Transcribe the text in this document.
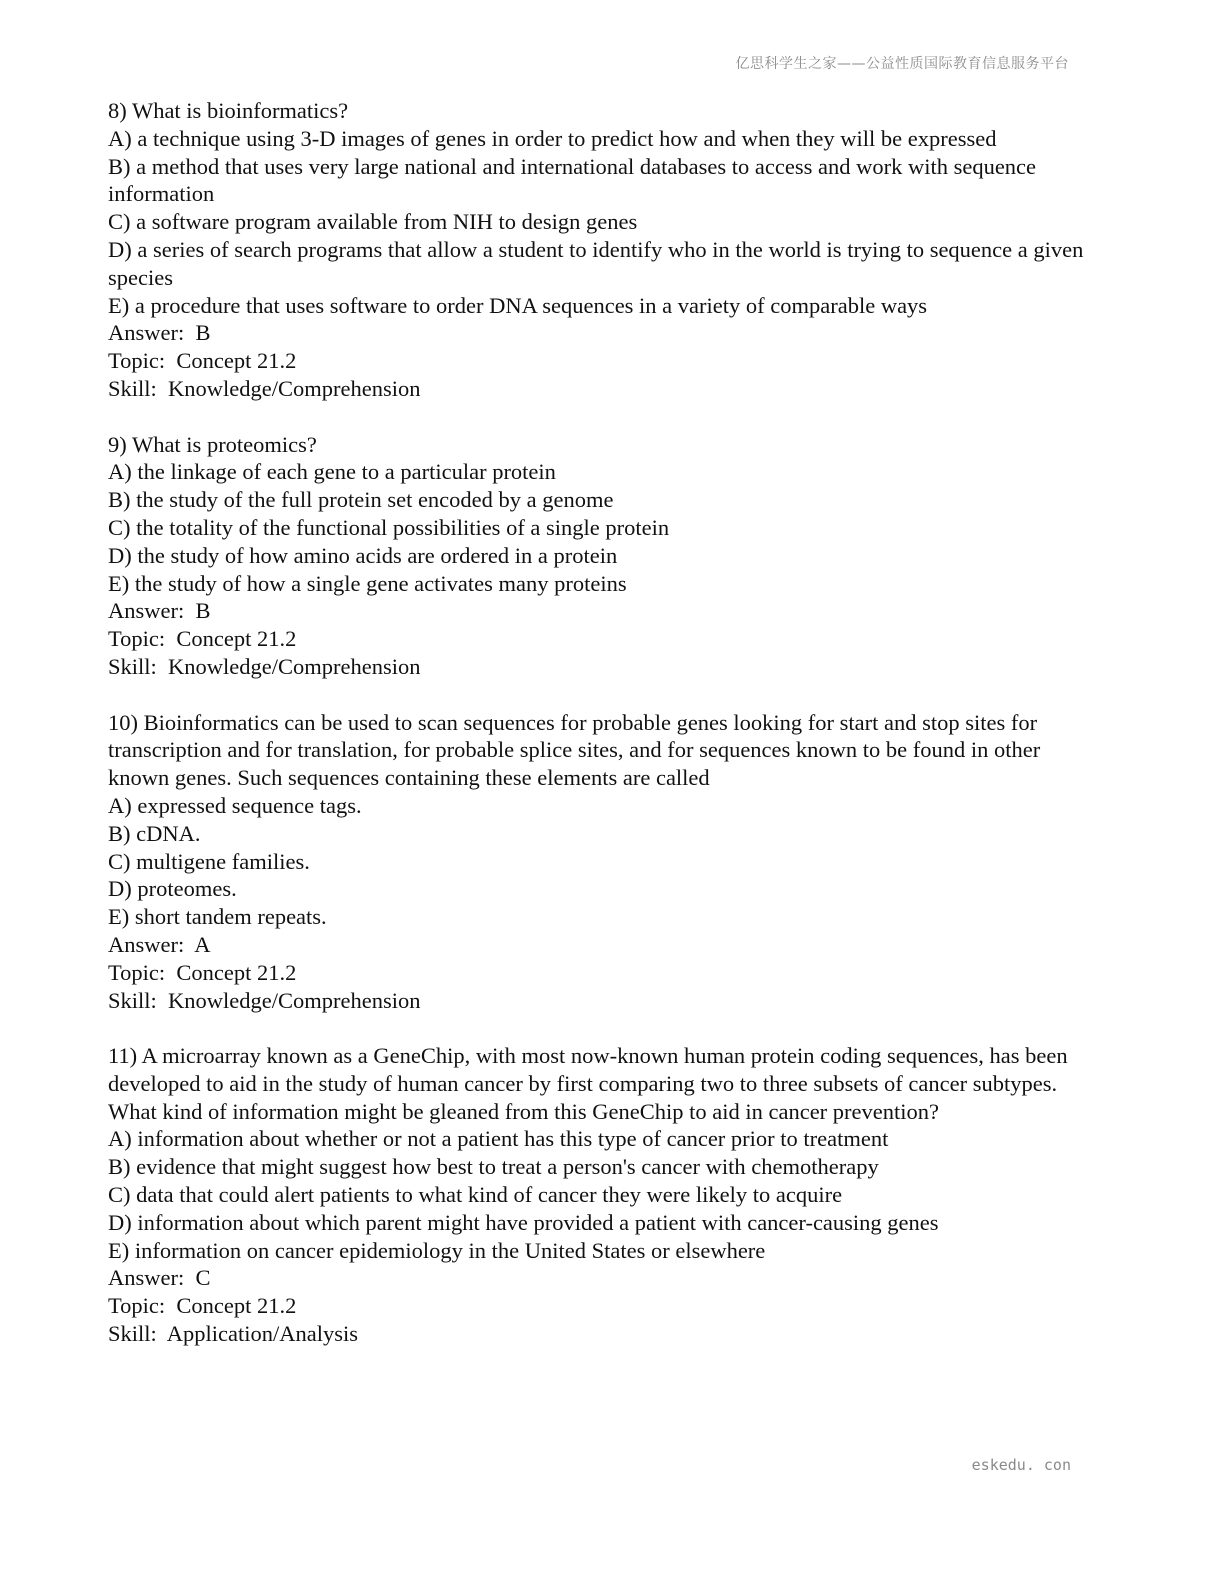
亿思科学生之家——公益性质国际教育信息服务平台
8) What is bioinformatics?
A) a technique using 3-D images of genes in order to predict how and when they will be expressed
B) a method that uses very large national and international databases to access and work with sequence information
C) a software program available from NIH to design genes
D) a series of search programs that allow a student to identify who in the world is trying to sequence a given species
E) a procedure that uses software to order DNA sequences in a variety of comparable ways
Answer:  B
Topic:  Concept 21.2
Skill:  Knowledge/Comprehension
9) What is proteomics?
A) the linkage of each gene to a particular protein
B) the study of the full protein set encoded by a genome
C) the totality of the functional possibilities of a single protein
D) the study of how amino acids are ordered in a protein
E) the study of how a single gene activates many proteins
Answer:  B
Topic:  Concept 21.2
Skill:  Knowledge/Comprehension
10) Bioinformatics can be used to scan sequences for probable genes looking for start and stop sites for transcription and for translation, for probable splice sites, and for sequences known to be found in other known genes. Such sequences containing these elements are called
A) expressed sequence tags.
B) cDNA.
C) multigene families.
D) proteomes.
E) short tandem repeats.
Answer:  A
Topic:  Concept 21.2
Skill:  Knowledge/Comprehension
11) A microarray known as a GeneChip, with most now-known human protein coding sequences, has been developed to aid in the study of human cancer by first comparing two to three subsets of cancer subtypes. What kind of information might be gleaned from this GeneChip to aid in cancer prevention?
A) information about whether or not a patient has this type of cancer prior to treatment
B) evidence that might suggest how best to treat a person's cancer with chemotherapy
C) data that could alert patients to what kind of cancer they were likely to acquire
D) information about which parent might have provided a patient with cancer-causing genes
E) information on cancer epidemiology in the United States or elsewhere
Answer:  C
Topic:  Concept 21.2
Skill:  Application/Analysis
eskedu. con
